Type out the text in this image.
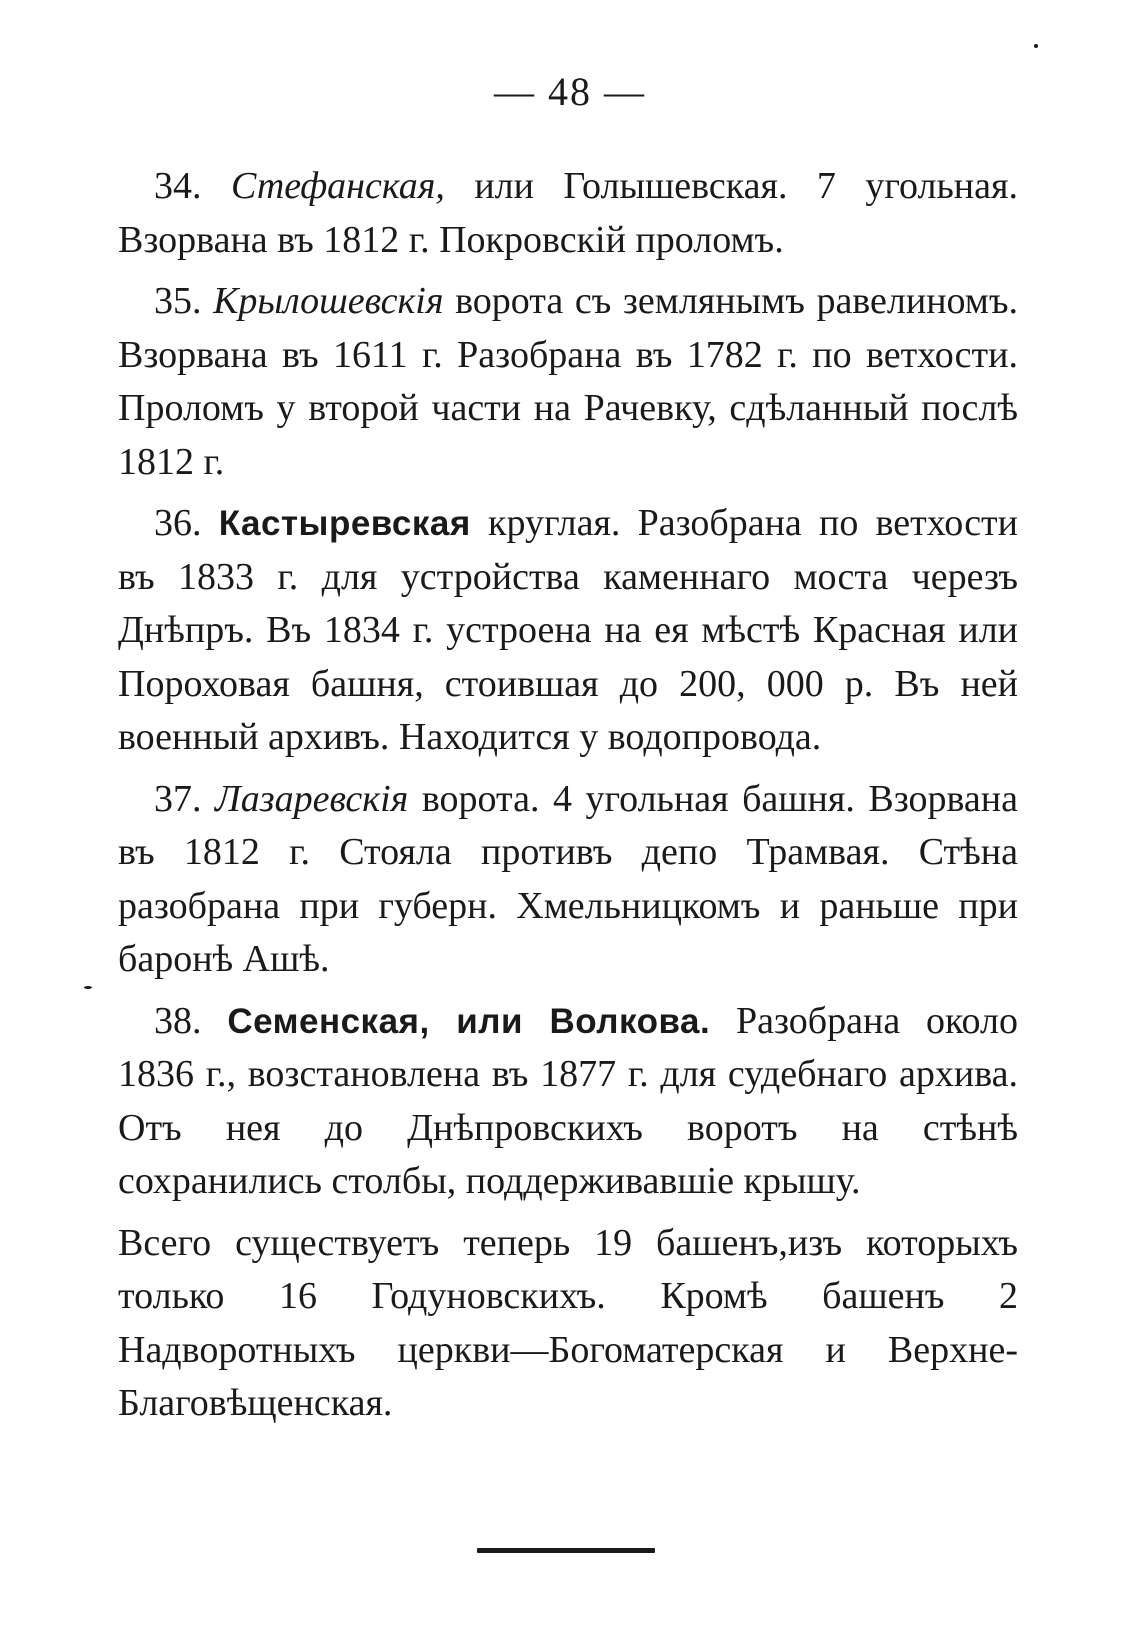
— 48 —

34. Стефанская, или Голышевская. 7 угольная. Взорвана въ 1812 г. Покровскій проломъ.

35. Крылошевскія ворота съ землянымъ равелиномъ. Взорвана въ 1611 г. Разобрана въ 1782 г. по ветхости. Проломъ у второй части на Рачевку, сдѣланный послѣ 1812 г.

36. Кастыревская круглая. Разобрана по ветхости въ 1833 г. для устройства каменнаго моста черезъ Днѣпръ. Въ 1834 г. устроена на ея мѣстѣ Красная или Пороховая башня, стоившая до 200, 000 р. Въ ней военный архивъ. Находится у водопровода.

37. Лазаревскія ворота. 4 угольная башня. Взорвана въ 1812 г. Стояла противъ депо Трамвая. Стѣна разобрана при губерн. Хмельницкомъ и раньше при баронѣ Ашѣ.

38. Семенская, или Волкова. Разобрана около 1836 г., возстановлена въ 1877 г. для судебнаго архива. Отъ нея до Днѣпровскихъ воротъ на стѣнѣ сохранились столбы, поддерживавшіе крышу.

Всего существуетъ теперь 19 башенъ,изъ которыхъ только 16 Годуновскихъ. Кромѣ башенъ 2 Надворотныхъ церкви—Богоматерская и Верхне-Благовѣщенская.
